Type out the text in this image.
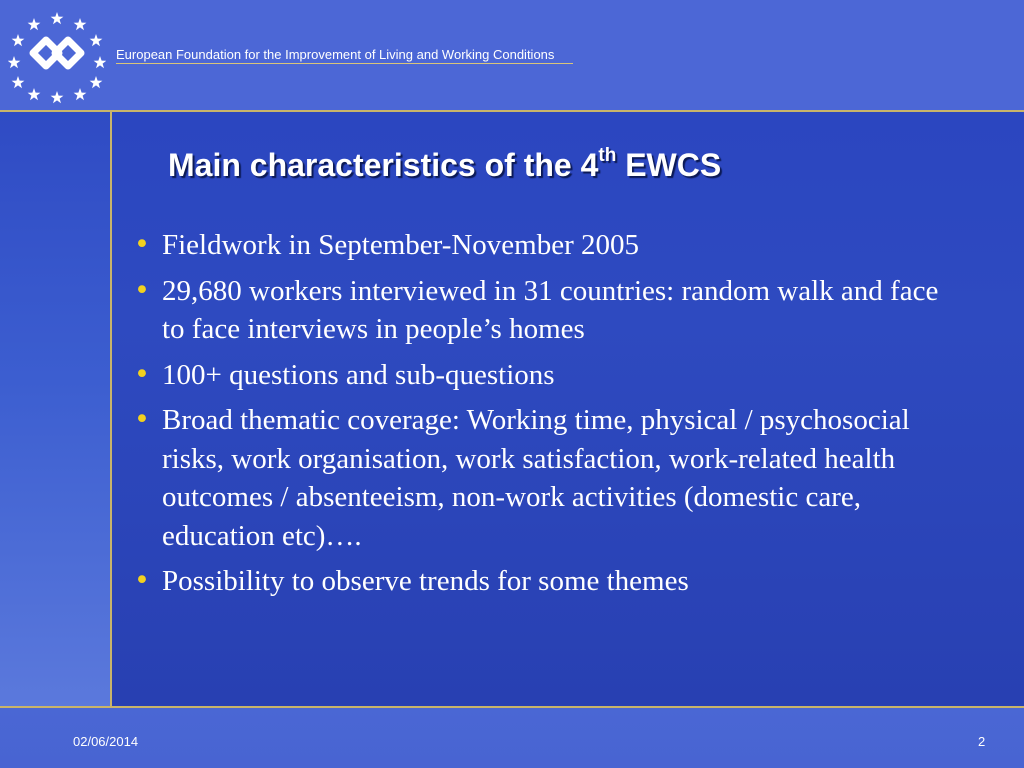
European Foundation for the Improvement of Living and Working Conditions
Main characteristics of the 4th EWCS
• Fieldwork in September-November 2005
• 29,680 workers interviewed in 31 countries: random walk and face to face interviews in people’s homes
• 100+ questions and sub-questions
• Broad thematic coverage: Working time, physical / psychosocial risks, work organisation, work satisfaction, work-related health outcomes / absenteeism, non-work activities (domestic care, education etc)….
• Possibility to observe trends for some themes
02/06/2014	2
